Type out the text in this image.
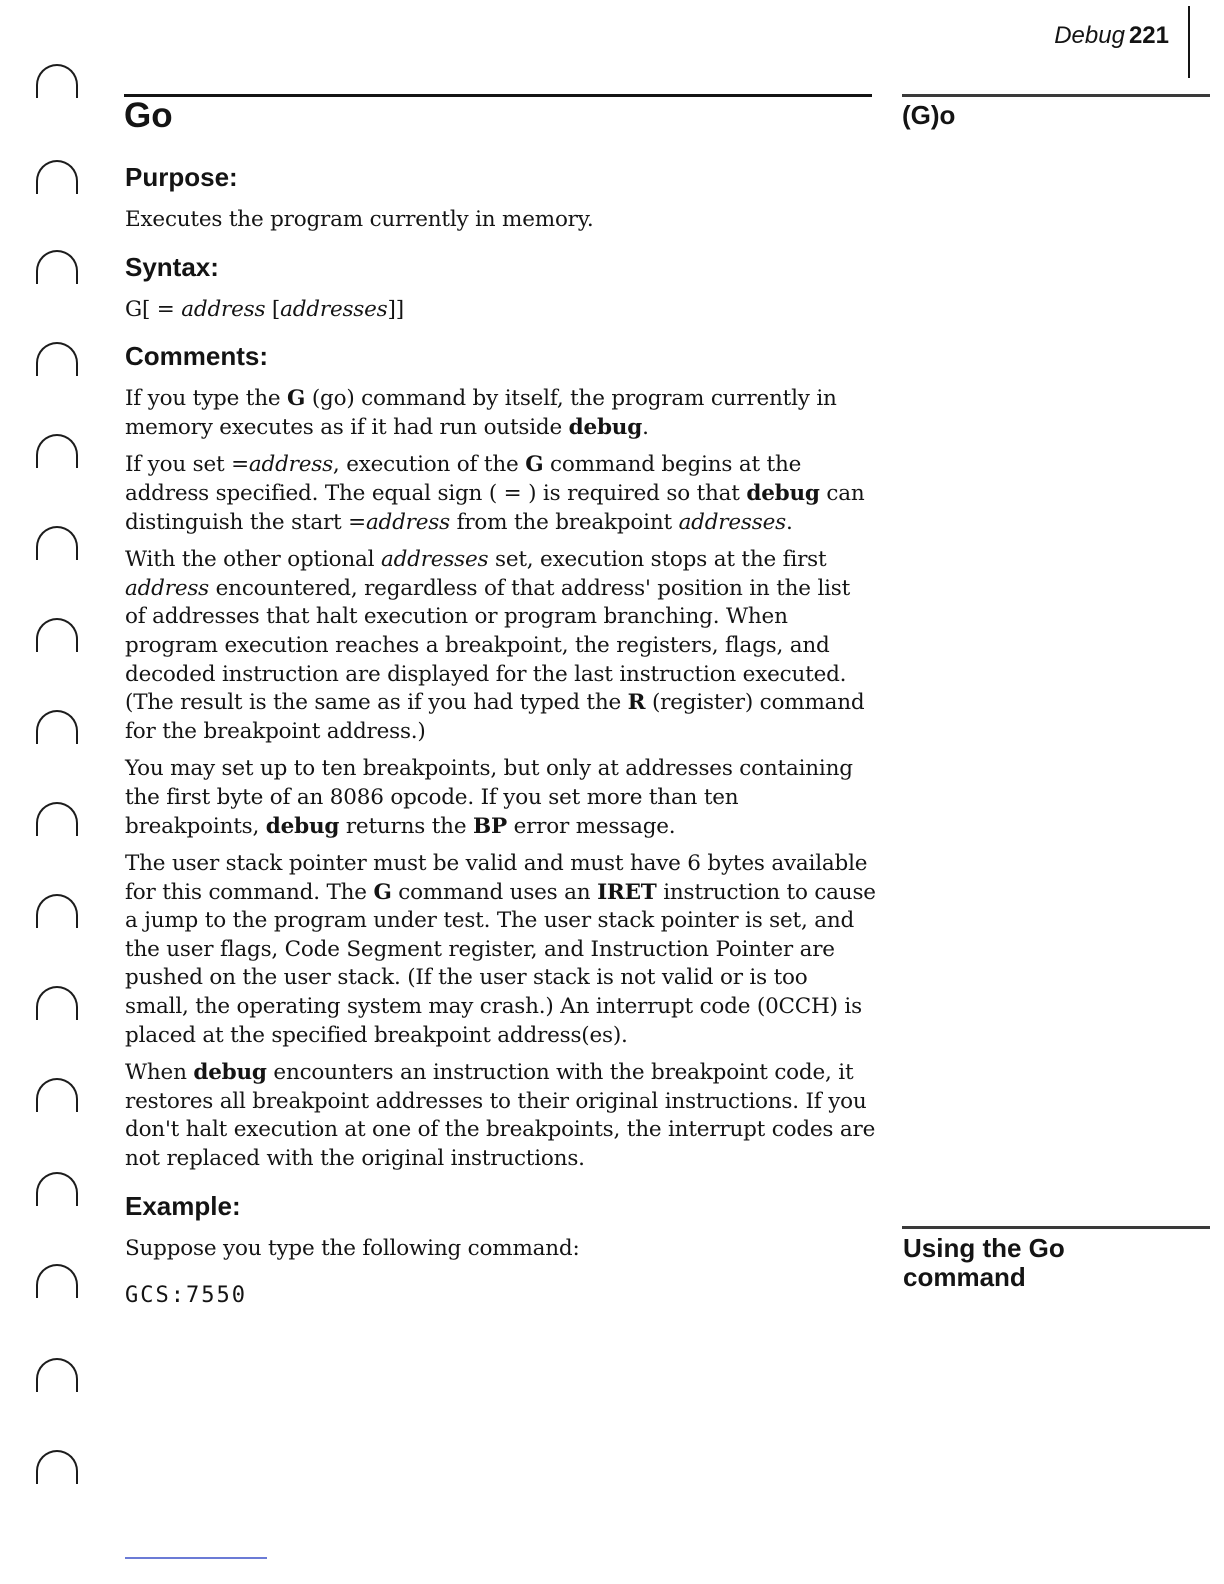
Debug 221
Go	(G)o

Using the Go command

Purpose:

Executes the program currently in memory.

Syntax:

G[ = address [addresses]]

Comments:

If you type the G (go) command by itself, the program currently in memory executes as if it had run outside debug.

If you set =address, execution of the G command begins at the address specified. The equal sign ( = ) is required so that debug can distinguish the start =address from the breakpoint addresses.

With the other optional addresses set, execution stops at the first address encountered, regardless of that address' position in the list of addresses that halt execution or program branching. When program execution reaches a breakpoint, the registers, flags, and decoded instruction are displayed for the last instruction executed. (The result is the same as if you had typed the R (register) command for the breakpoint address.)

You may set up to ten breakpoints, but only at addresses containing the first byte of an 8086 opcode. If you set more than ten breakpoints, debug returns the BP error message.

The user stack pointer must be valid and must have 6 bytes available for this command. The G command uses an IRET instruction to cause a jump to the program under test. The user stack pointer is set, and the user flags, Code Segment register, and Instruction Pointer are pushed on the user stack. (If the user stack is not valid or is too small, the operating system may crash.) An interrupt code (0CCH) is placed at the specified breakpoint address(es).

When debug encounters an instruction with the breakpoint code, it restores all breakpoint addresses to their original instructions. If you don't halt execution at one of the breakpoints, the interrupt codes are not replaced with the original instructions.

Example:

Suppose you type the following command:

GCS:7550
